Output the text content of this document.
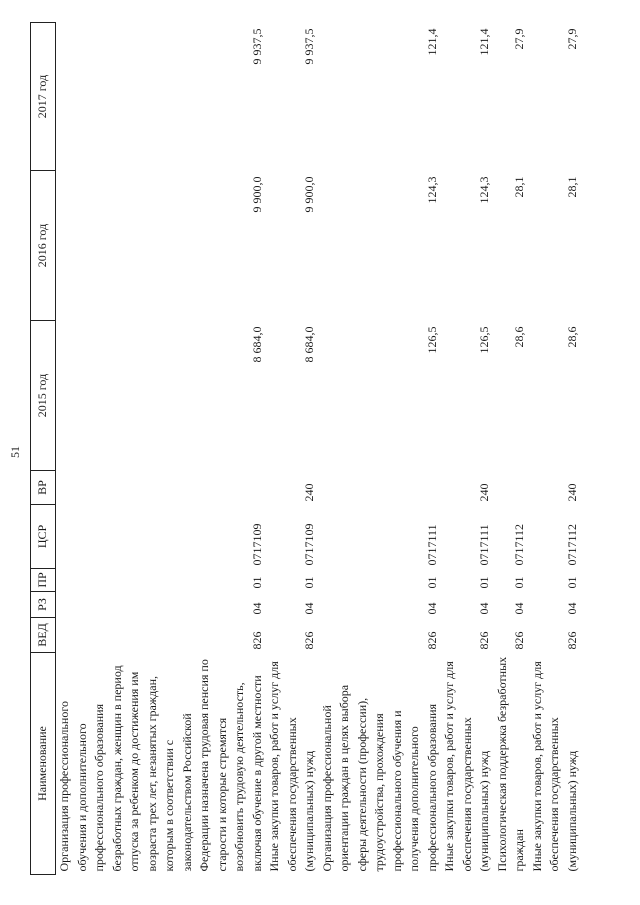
51
Наименование	ВЕД	РЗ	ПР	ЦСР	ВР	2015 год	2016 год	2017 год
Организация профессионального обучения и дополнительного профессионального образования безработных граждан, женщин в период отпуска за ребенком до достижения им возраста трех лет, незанятых граждан, которым в соответствии с законодательством Российской Федерации назначена трудовая пенсия по старости и которые стремятся возобновить трудовую деятельность, включая обучение в другой местности	826	04	01	0717109		8 684,0	9 900,0	9 937,5
Иные закупки товаров, работ и услуг для обеспечения государственных (муниципальных) нужд	826	04	01	0717109	240	8 684,0	9 900,0	9 937,5
Организация профессиональной ориентации граждан в целях выбора сферы деятельности (профессии), трудоустройства, прохождения профессионального обучения и получения дополнительного профессионального образования	826	04	01	0717111		126,5	124,3	121,4
Иные закупки товаров, работ и услуг для обеспечения государственных (муниципальных) нужд	826	04	01	0717111	240	126,5	124,3	121,4
Психологическая поддержка безработных граждан	826	04	01	0717112		28,6	28,1	27,9
Иные закупки товаров, работ и услуг для обеспечения государственных (муниципальных) нужд	826	04	01	0717112	240	28,6	28,1	27,9
